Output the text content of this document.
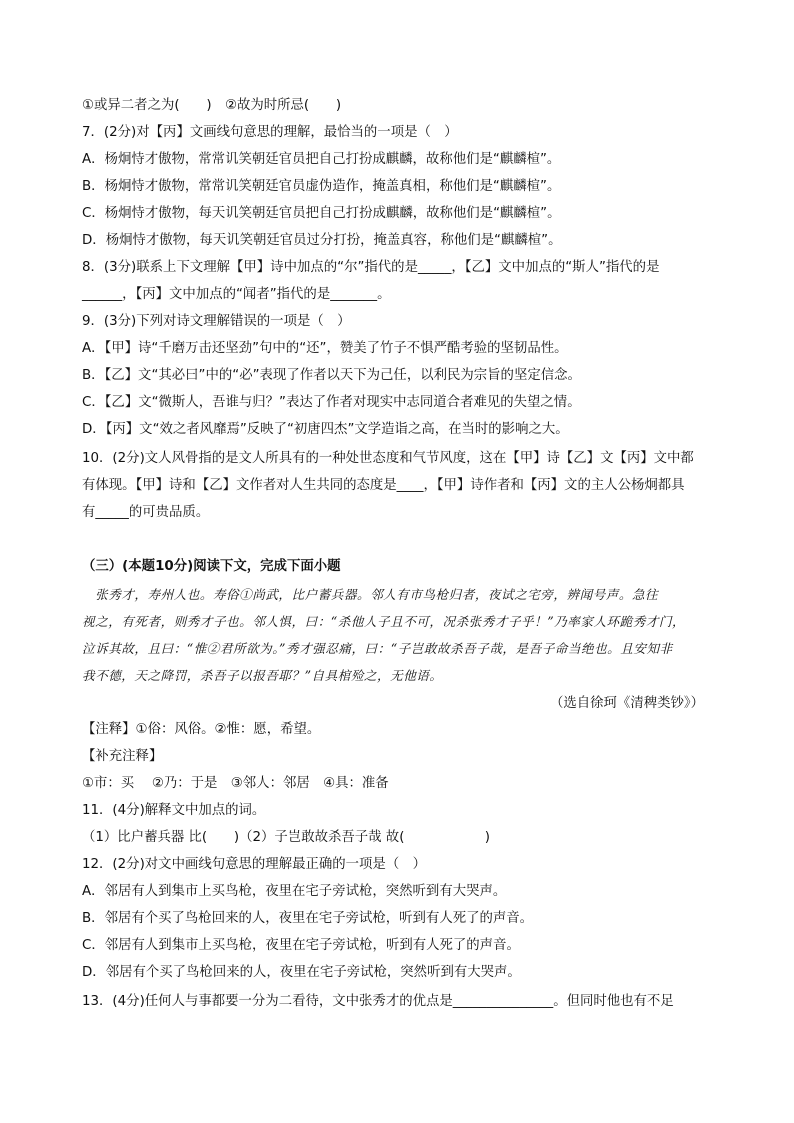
①或异二者之为(　　)　②故为时所忌(　　)
7．(2分)对【丙】文画线句意思的理解，最恰当的一项是（　）
A．杨炯恃才傲物，常常讥笑朝廷官员把自己打扮成麒麟，故称他们是“麒麟楦”。
B．杨炯恃才傲物，常常讥笑朝廷官员虚伪造作，掩盖真相，称他们是“麒麟楦”。
C．杨炯恃才傲物，每天讥笑朝廷官员把自己打扮成麒麟，故称他们是“麒麟楦”。
D．杨炯恃才傲物，每天讥笑朝廷官员过分打扮，掩盖真容，称他们是“麒麟楦”。
8．(3分)联系上下文理解【甲】诗中加点的“尔”指代的是_____，【乙】文中加点的“斯人”指代的是
______，【丙】文中加点的“闻者”指代的是_______。
9．(3分)下列对诗文理解错误的一项是（　）
A．【甲】诗“千磨万击还坚劲”句中的“还”，赞美了竹子不惧严酷考验的坚韧品性。
B．【乙】文“其必曰”中的“必”表现了作者以天下为己任，以利民为宗旨的坚定信念。
C．【乙】文“微斯人，吾谁与归？”表达了作者对现实中志同道合者难见的失望之情。
D．【丙】文“效之者风靡焉”反映了“初唐四杰”文学造诣之高，在当时的影响之大。
10．(2分)文人风骨指的是文人所具有的一种处世态度和气节风度，这在【甲】诗【乙】文【丙】文中都
有体现。【甲】诗和【乙】文作者对人生共同的态度是____，【甲】诗作者和【丙】文的主人公杨炯都具
有_____的可贵品质。
（三）(本题10分)阅读下文，完成下面小题
　张秀才，寿州人也。寿俗①尚武，比户蓄兵器。邻人有市鸟枪归者，夜试之宅旁，辨闻号声。急往
视之，有死者，则秀才子也。邻人惧，曰：“杀他人子且不可，况杀张秀才子乎！”乃率家人环跪秀才门，
泣诉其故，且曰：“惟②君所欲为。”秀才强忍痛，曰：“子岂敢故杀吾子哉，是吾子命当绝也。且安知非
我不德，天之降罚，杀吾子以报吾耶？”自具棺殓之，无他语。
（选自徐珂《清稗类钞》）
【注释】①俗：风俗。②惟：愿，希望。
【补充注释】
①市：买　 ②乃：于是　③邻人：邻居　④具：准备
11．(4分)解释文中加点的词。
（1）比户蓄兵器 比(　　)（2）子岂敢故杀吾子哉 故(　　　　　　)
12．(2分)对文中画线句意思的理解最正确的一项是（　）
A．邻居有人到集市上买鸟枪，夜里在宅子旁试枪，突然听到有大哭声。
B．邻居有个买了鸟枪回来的人，夜里在宅子旁试枪，听到有人死了的声音。
C．邻居有人到集市上买鸟枪，夜里在宅子旁试枪，听到有人死了的声音。
D．邻居有个买了鸟枪回来的人，夜里在宅子旁试枪，突然听到有大哭声。
13．(4分)任何人与事都要一分为二看待，文中张秀才的优点是_______________。但同时他也有不足
